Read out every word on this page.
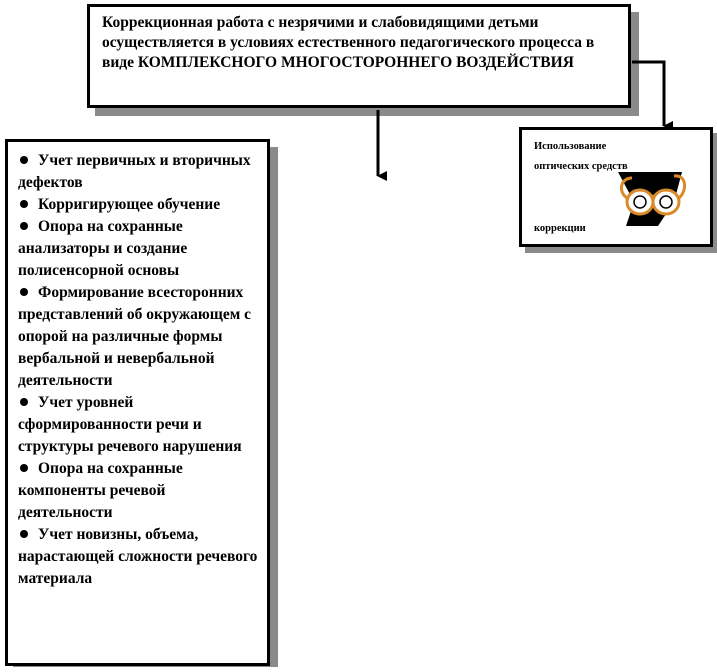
Коррекционная работа с незрячими и слабовидящими детьми осуществляется в условиях естественного педагогического процесса в виде КОМПЛЕКСНОГО МНОГОСТОРОННЕГО ВОЗДЕЙСТВИЯ
Учет первичных и вторичных дефектов
Корригирующее обучение
Опора на сохранные анализаторы и создание полисенсорной основы
Формирование всесторонних представлений об окружающем с опорой на различные формы вербальной и невербальной деятельности
Учет уровней сформированности речи и структуры речевого нарушения
Опора на сохранные компоненты речевой деятельности
Учет новизны, объема, нарастающей сложности речевого материала
Использование
оптических средств
коррекции
